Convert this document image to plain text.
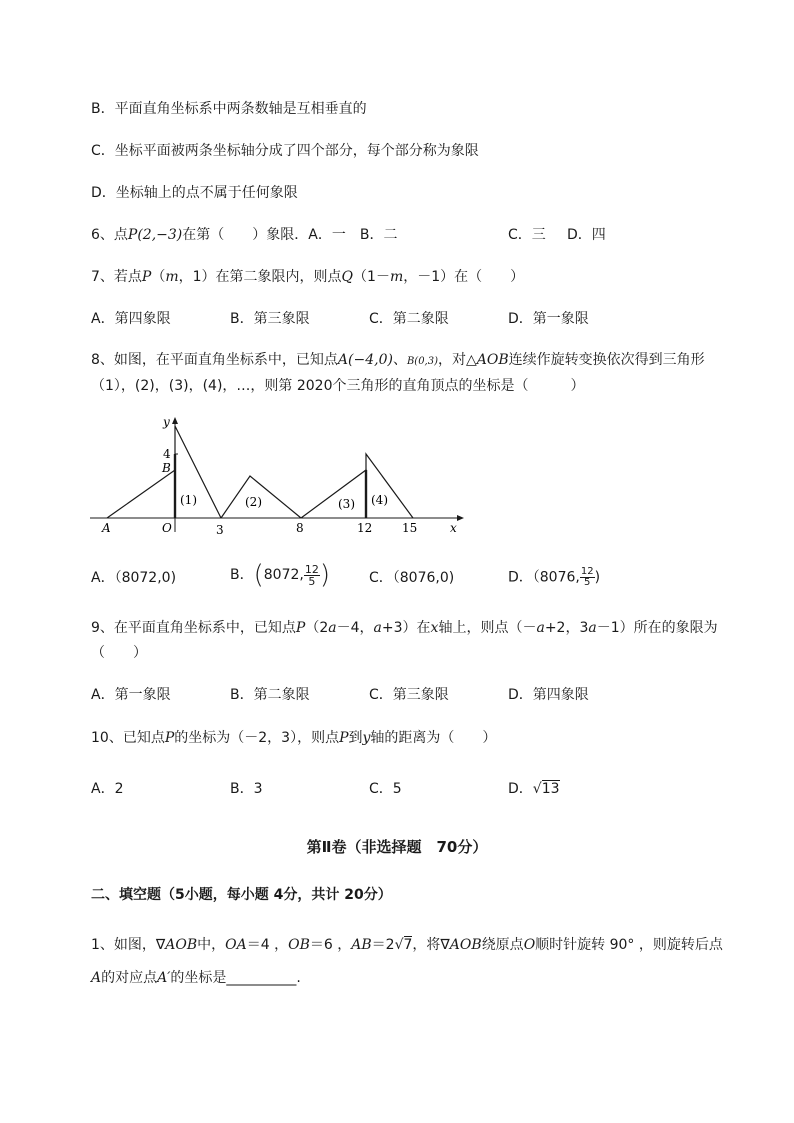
B．平面直角坐标系中两条数轴是互相垂直的
C．坐标平面被两条坐标轴分成了四个部分，每个部分称为象限
D．坐标轴上的点不属于任何象限
6、点P(2,−3)在第（　　）象限．A．一　B．二	C．三 D．四
7、若点P（m，1）在第二象限内，则点Q（1－m，－1）在（　　）
A．第四象限	B．第三象限	C．第二象限	D．第一象限
8、如图，在平面直角坐标系中，已知点A(−4,0)、B(0,3)，对△AOB连续作旋转变换依次得到三角形
（1），(2)，(3)，(4)，…，则第 2020个三角形的直角顶点的坐标是（　　　）
y
x
4
B
A	O	3	8	12 15
(1)	(2)	(3) (4)
A．（8072,0)	B．(8072, $\frac{12}{5}$ )	C．（8076,0)	D．（8076, $\frac{12}{5}$ )
9、在平面直角坐标系中，已知点P（2a－4，a+3）在x轴上，则点（－a+2，3a－1）所在的象限为
（　　）
A．第一象限	B．第二象限	C．第三象限	D．第四象限
10、已知点P的坐标为（－2，3），则点P到y轴的距离为（　　）
A．2	B．3	C．5	D．√13
第Ⅱ卷（非选择题　70分）
二、填空题（5小题，每小题 4分，共计 20分）
1、如图，∇AOB中，OA＝4 ，OB＝6 ，AB＝2√7，将∇AOB绕原点O顺时针旋转 90° ，则旋转后点
A的对应点A′的坐标是__________.
